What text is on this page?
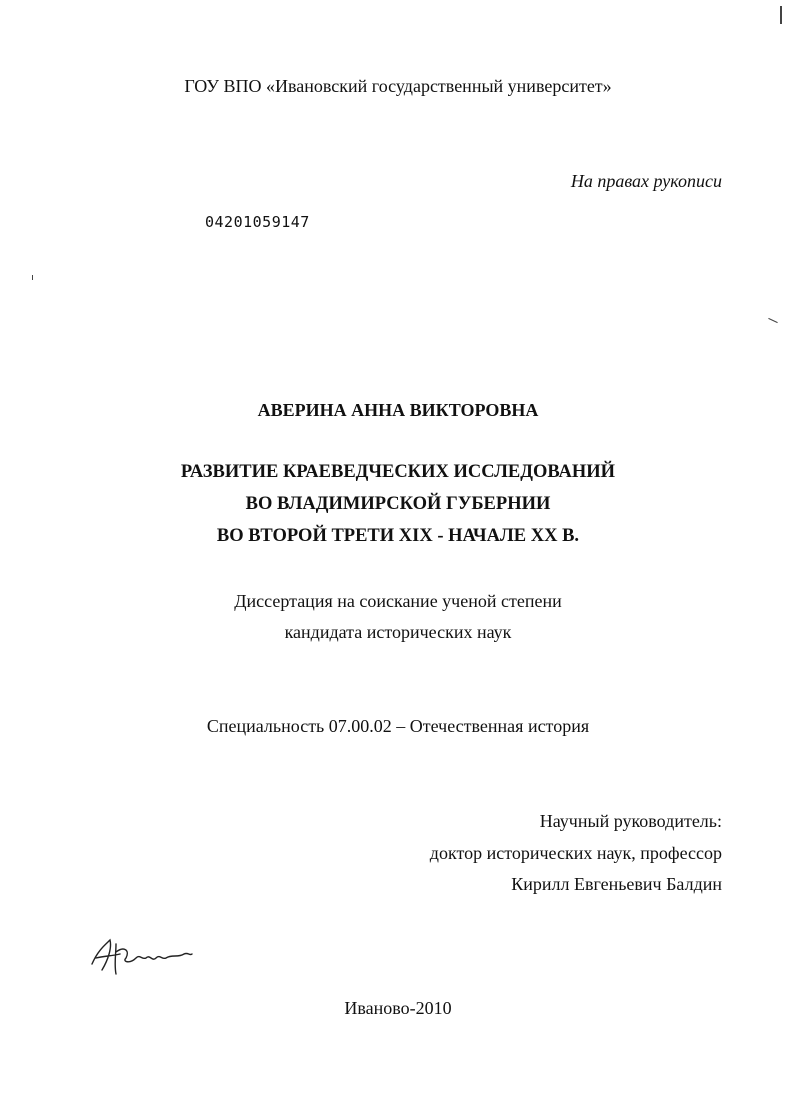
ГОУ ВПО «Ивановский государственный университет»
На правах рукописи
04201059147
АВЕРИНА АННА ВИКТОРОВНА
РАЗВИТИЕ КРАЕВЕДЧЕСКИХ ИССЛЕДОВАНИЙ
ВО ВЛАДИМИРСКОЙ ГУБЕРНИИ
ВО ВТОРОЙ ТРЕТИ XIX - НАЧАЛЕ XX В.
Диссертация на соискание ученой степени
кандидата исторических наук
Специальность 07.00.02 – Отечественная история
Научный руководитель:
доктор исторических наук, профессор
Кирилл Евгеньевич Балдин
Иваново-2010
